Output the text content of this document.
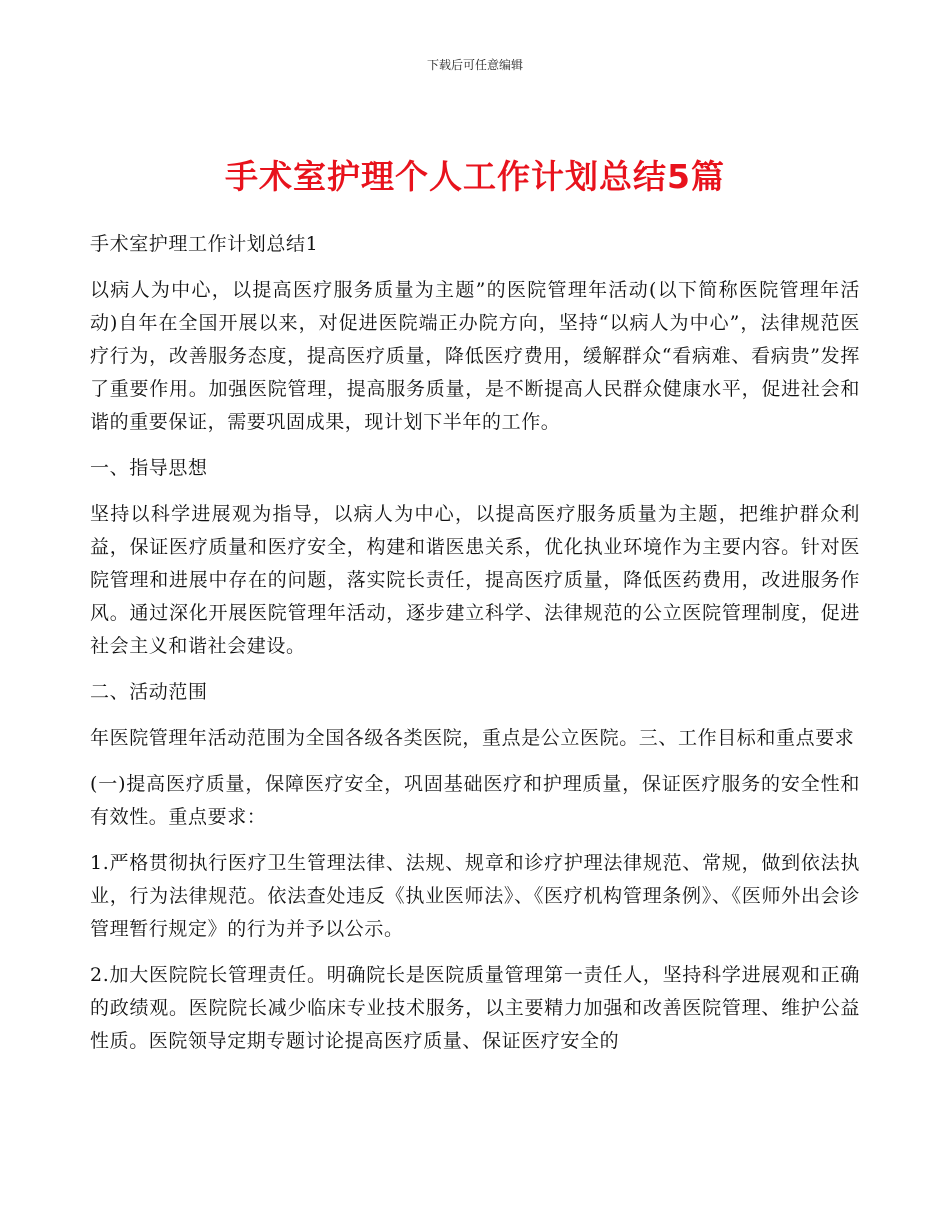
下载后可任意编辑
手术室护理个人工作计划总结5篇
手术室护理工作计划总结1
以病人为中心，以提高医疗服务质量为主题”的医院管理年活动(以下简称医院管理年活动)自年在全国开展以来，对促进医院端正办院方向，坚持“以病人为中心”，法律规范医疗行为，改善服务态度，提高医疗质量，降低医疗费用，缓解群众“看病难、看病贵”发挥了重要作用。加强医院管理，提高服务质量，是不断提高人民群众健康水平，促进社会和谐的重要保证，需要巩固成果，现计划下半年的工作。
一、指导思想
坚持以科学进展观为指导，以病人为中心，以提高医疗服务质量为主题，把维护群众利益，保证医疗质量和医疗安全，构建和谐医患关系，优化执业环境作为主要内容。针对医院管理和进展中存在的问题，落实院长责任，提高医疗质量，降低医药费用，改进服务作风。通过深化开展医院管理年活动，逐步建立科学、法律规范的公立医院管理制度，促进社会主义和谐社会建设。
二、活动范围
年医院管理年活动范围为全国各级各类医院，重点是公立医院。三、工作目标和重点要求
(一)提高医疗质量，保障医疗安全，巩固基础医疗和护理质量，保证医疗服务的安全性和有效性。重点要求：
1.严格贯彻执行医疗卫生管理法律、法规、规章和诊疗护理法律规范、常规，做到依法执业，行为法律规范。依法查处违反《执业医师法》、《医疗机构管理条例》、《医师外出会诊管理暂行规定》的行为并予以公示。
2.加大医院院长管理责任。明确院长是医院质量管理第一责任人，坚持科学进展观和正确的政绩观。医院院长减少临床专业技术服务，以主要精力加强和改善医院管理、维护公益性质。医院领导定期专题讨论提高医疗质量、保证医疗安全的
